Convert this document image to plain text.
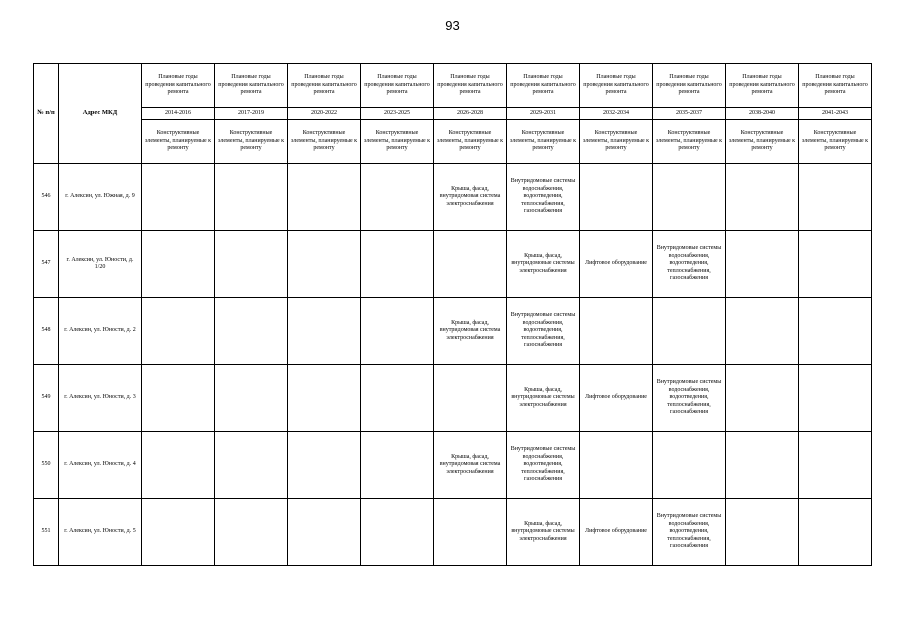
93
№ п/п	Адрес МКД	Плановые годы проведения капитального ремонта	Плановые годы проведения капитального ремонта	Плановые годы проведения капитального ремонта	Плановые годы проведения капитального ремонта	Плановые годы проведения капитального ремонта	Плановые годы проведения капитального ремонта	Плановые годы проведения капитального ремонта	Плановые годы проведения капитального ремонта	Плановые годы проведения капитального ремонта	Плановые годы проведения капитального ремонта
		2014-2016	2017-2019	2020-2022	2023-2025	2026-2028	2029-2031	2032-2034	2035-2037	2038-2040	2041-2043
		Конструктивные элементы, планируемые к ремонту	Конструктивные элементы, планируемые к ремонту	Конструктивные элементы, планируемые к ремонту	Конструктивные элементы, планируемые к ремонту	Конструктивные элементы, планируемые к ремонту	Конструктивные элементы, планируемые к ремонту	Конструктивные элементы, планируемые к ремонту	Конструктивные элементы, планируемые к ремонту	Конструктивные элементы, планируемые к ремонту	Конструктивные элементы, планируемые к ремонту
546	г. Алексин, ул. Южная, д. 9					Крыша, фасад, внутридомовая система электроснабжения	Внутридомовые системы водоснабжения, водоотведения, теплоснабжения, газоснабжения				
547	г. Алексин, ул. Юности, д. 1/20						Крыша, фасад, внутридомовые системы электроснабжения	Лифтовое оборудование	Внутридомовые системы водоснабжения, водоотведения, теплоснабжения, газоснабжения		
548	г. Алексин, ул. Юности, д. 2					Крыша, фасад, внутридомовая система электроснабжения	Внутридомовые системы водоснабжения, водоотведения, теплоснабжения, газоснабжения				
549	г. Алексин, ул. Юности, д. 3						Крыша, фасад, внутридомовые системы электроснабжения	Лифтовое оборудование	Внутридомовые системы водоснабжения, водоотведения, теплоснабжения, газоснабжения		
550	г. Алексин, ул. Юности, д. 4					Крыша, фасад, внутридомовая система электроснабжения	Внутридомовые системы водоснабжения, водоотведения, теплоснабжения, газоснабжения				
551	г. Алексин, ул. Юности, д. 5						Крыша, фасад, внутридомовые системы электроснабжения	Лифтовое оборудование	Внутридомовые системы водоснабжения, водоотведения, теплоснабжения, газоснабжения		
